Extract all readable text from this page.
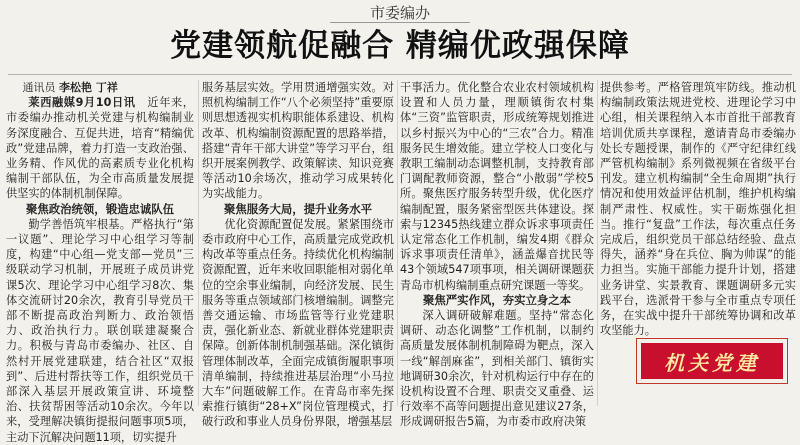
市委编办
党建领航促融合 精编优政强保障

通讯员 李松艳 丁祥

莱西融媒9月10日讯　 近年来，市委编办推动机关党建与机构编制业务深度融合、互促共进，培育“精编优政”党建品牌，着力打造一支政治强、业务精、作风优的高素质专业化机构编制干部队伍，为全市高质量发展提供坚实的体制机制保障。

聚焦政治统领，锻造忠诚队伍

勤学善悟筑牢根基。严格执行“第一议题”、理论学习中心组学习等制度，构建“中心组—党支部—党员”三级联动学习机制，开展班子成员讲党课5次、理论学习中心组学习8次、集体交流研讨20余次，教育引导党员干部不断提高政治判断力、政治领悟力、政治执行力。联创联建凝聚合力。积极与青岛市委编办、社区、自然村开展党建联建，结合社区“双报到”、后进村帮扶等工作，组织党员干部深入基层开展政策宣讲、环境整治、扶贫帮困等活动10余次。今年以来，受理解决镇街提报问题事项5项，主动下沉解决问题11项，切实提升

服务基层实效。学用贯通增强实效。对照机构编制工作“八个必须坚持”重要原则思想透视实机构职能体系建设、机构改革、机构编制资源配置的思路举措，搭建“青年干部大讲堂”等学习平台，组织开展案例教学、政策解读、知识竞赛等活动10余场次，推动学习成果转化为实战能力。

聚焦服务大局，提升业务水平

优化资源配置促发展。紧紧围绕市委市政府中心工作，高质量完成党政机构改革等重点任务。持续优化机构编制资源配置，近年来收回职能相对弱化单位的空余事业编制，向经济发展、民生服务等重点领域部门核增编制。调整完善交通运输、市场监管等行业党建职责，强化新业态、新就业群体党建职责保障。创新体制机制强基础。深化镇街管理体制改革，全面完成镇街履职事项清单编制，持续推进基层治理“小马拉大车”问题破解工作。在青岛市率先探索推行镇街“28+X”岗位管理模式，打破行政和事业人员身份界限，增强基层

干事活力。优化整合农业农村领域机构设置和人员力量，理顺镇街农村集体“三资”监管职责，形成统筹规划推进以乡村振兴为中心的“三农”合力。精准服务民生增效能。建立学校人口变化与教职工编制动态调整机制，支持教育部门调配教师资源，整合“小散弱”学校5所。聚焦医疗服务转型升级，优化医疗编制配置，服务紧密型医共体建设。探索与12345热线建立群众诉求事项责任认定常态化工作机制，编发4期《群众诉求事项责任清单》，涵盖爆音扰民等43个领域547项事项，相关调研课题获青岛市机构编制重点研究课题一等奖。

聚焦严实作风，夯实立身之本

深入调研破解难题。坚持“常态化调研、动态化调整”工作机制，以制约高质量发展体制机制障碍为靶点，深入一线“解剖麻雀”，到相关部门、镇街实地调研30余次，针对机构运行中存在的设机构设置不合理、职责交叉重叠、运行效率不高等问题提出意见建议27条，形成调研报告5篇，为市委市政府决策

提供参考。严格管理筑牢防线。推动机构编制政策法规进党校、进理论学习中心组，相关课程纳入本市首批干部教育培训优质共享课程，邀请青岛市委编办处长专题授课，制作的《严守纪律红线 严管机构编制》系列微视频在省级平台刊发。建立机构编制“全生命周期”执行情况和使用效益评估机制，维护机构编制严肃性、权威性。实干砺炼强化担当。推行“复盘”工作法，每次重点任务完成后，组织党员干部总结经验、盘点得失，涵养“身在兵位、胸为帅谋”的能力担当。实施干部能力提升计划，搭建业务讲堂、实景教育、课题调研多元实践平台，选派骨干参与全市重点专项任务，在实战中提升干部统筹协调和改革攻坚能力。

机关党建
